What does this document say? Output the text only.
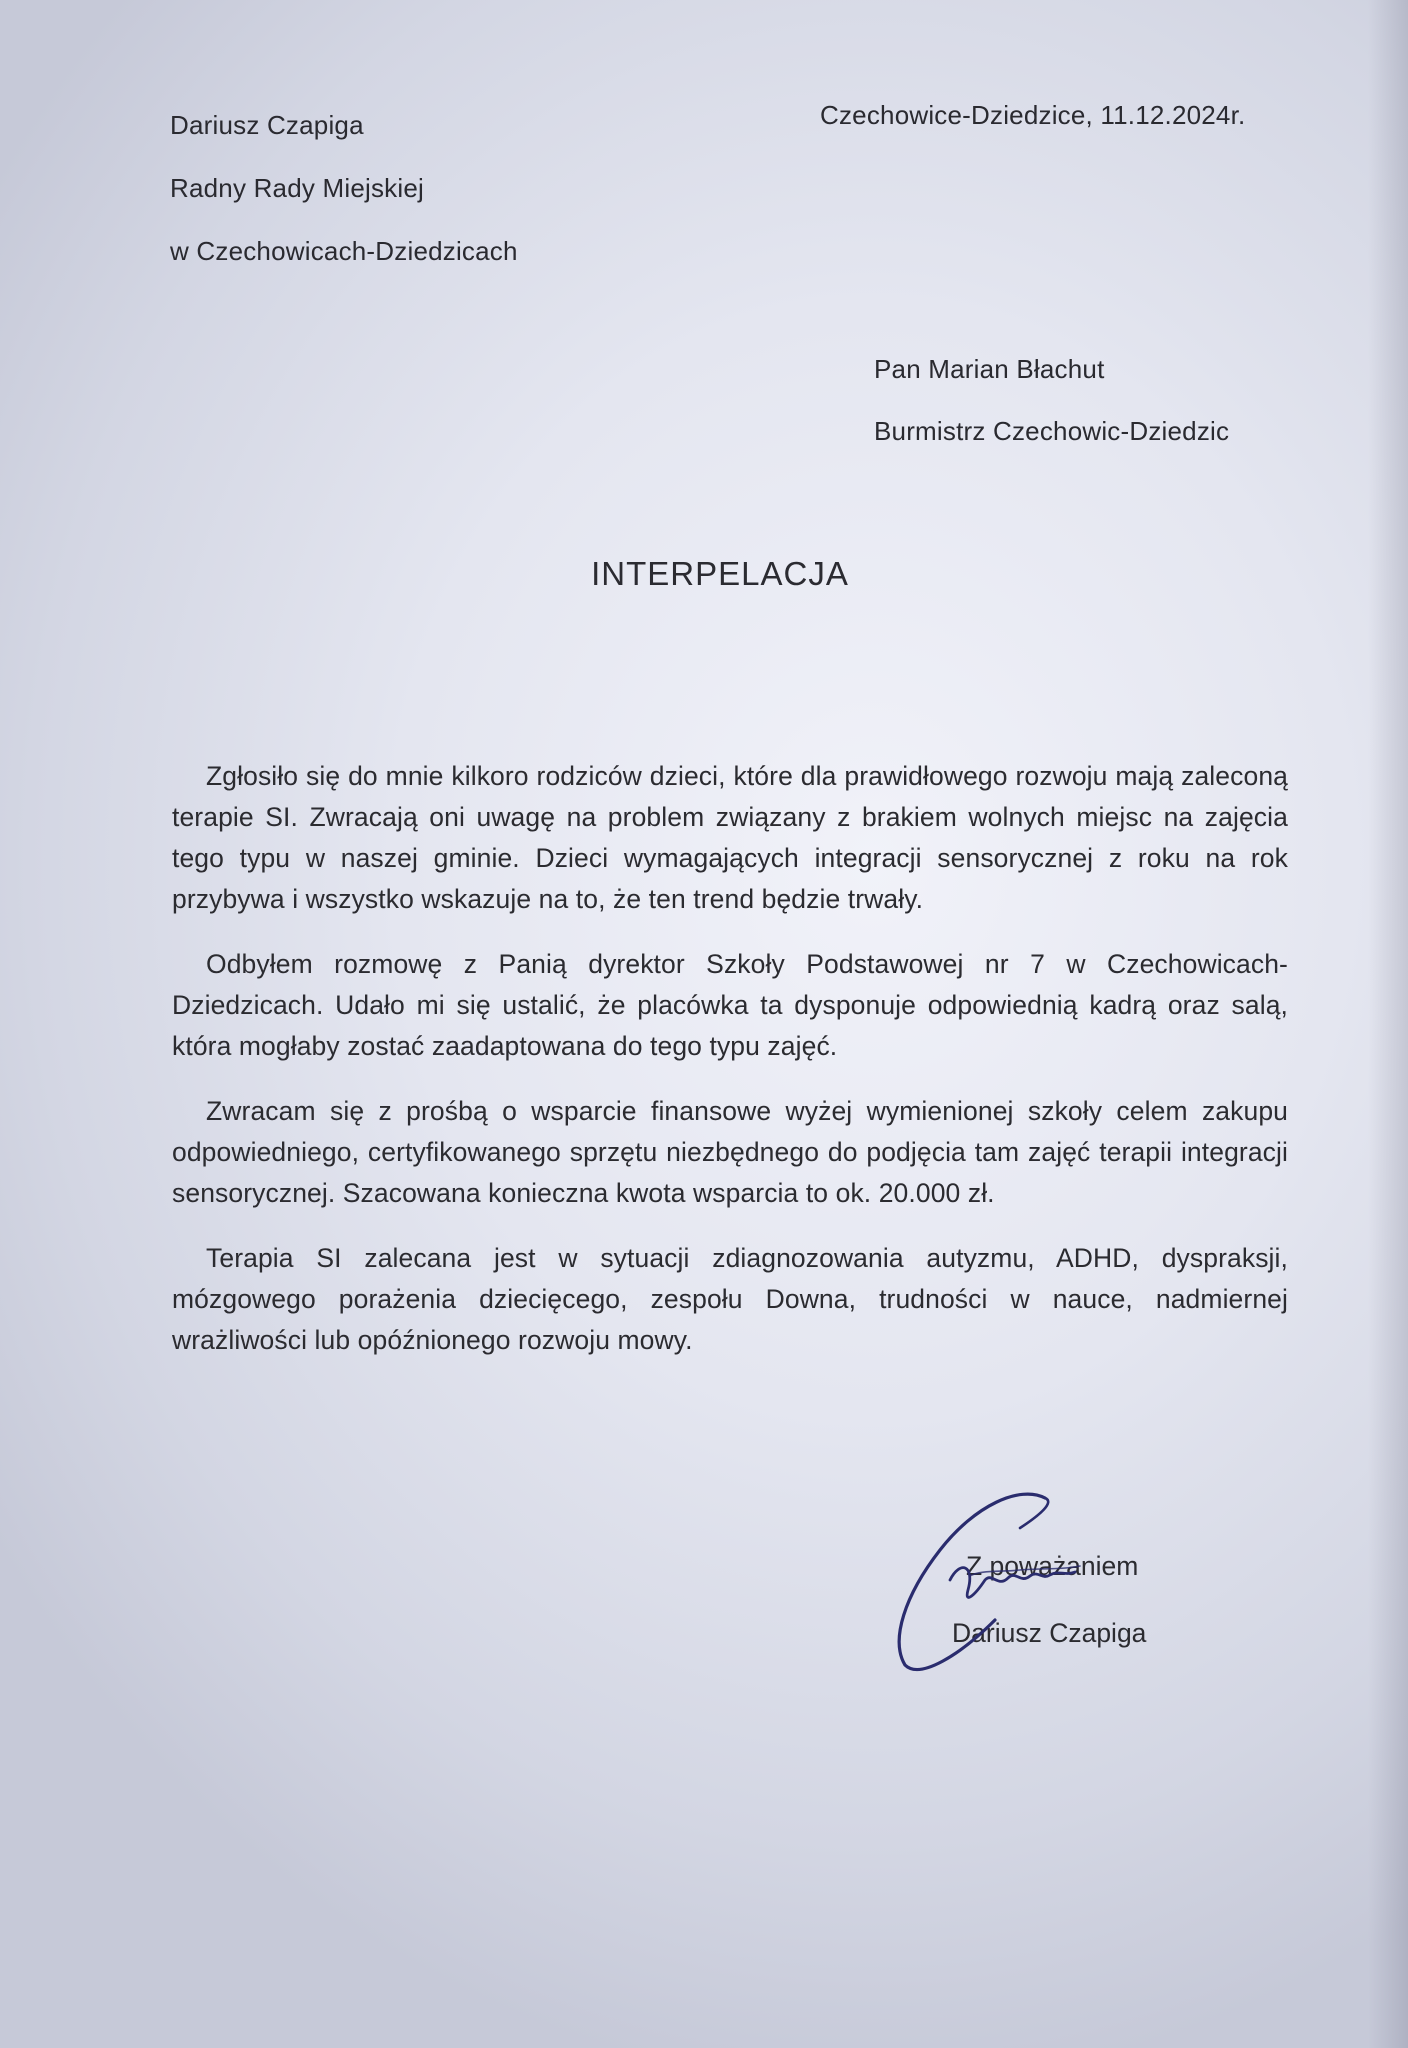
Dariusz Czapiga
Radny Rady Miejskiej
w Czechowicach-Dziedzicach
Czechowice-Dziedzice, 11.12.2024r.
Pan Marian Błachut
Burmistrz Czechowic-Dziedzic
INTERPELACJA

Zgłosiło się do mnie kilkoro rodziców dzieci, które dla prawidłowego rozwoju mają zaleconą terapie SI. Zwracają oni uwagę na problem związany z brakiem wolnych miejsc na zajęcia tego typu w naszej gminie. Dzieci wymagających integracji sensorycznej z roku na rok przybywa i wszystko wskazuje na to, że ten trend będzie trwały.

Odbyłem rozmowę z Panią dyrektor Szkoły Podstawowej nr 7 w Czechowicach-Dziedzicach. Udało mi się ustalić, że placówka ta dysponuje odpowiednią kadrą oraz salą, która mogłaby zostać zaadaptowana do tego typu zajęć.

Zwracam się z prośbą o wsparcie finansowe wyżej wymienionej szkoły celem zakupu odpowiedniego, certyfikowanego sprzętu niezbędnego do podjęcia tam zajęć terapii integracji sensorycznej. Szacowana konieczna kwota wsparcia to ok. 20.000 zł.

Terapia SI zalecana jest w sytuacji zdiagnozowania autyzmu, ADHD, dyspraksji, mózgowego porażenia dziecięcego, zespołu Downa, trudności w nauce, nadmiernej wrażliwości lub opóźnionego rozwoju mowy.

Z poważaniem
Dariusz Czapiga
